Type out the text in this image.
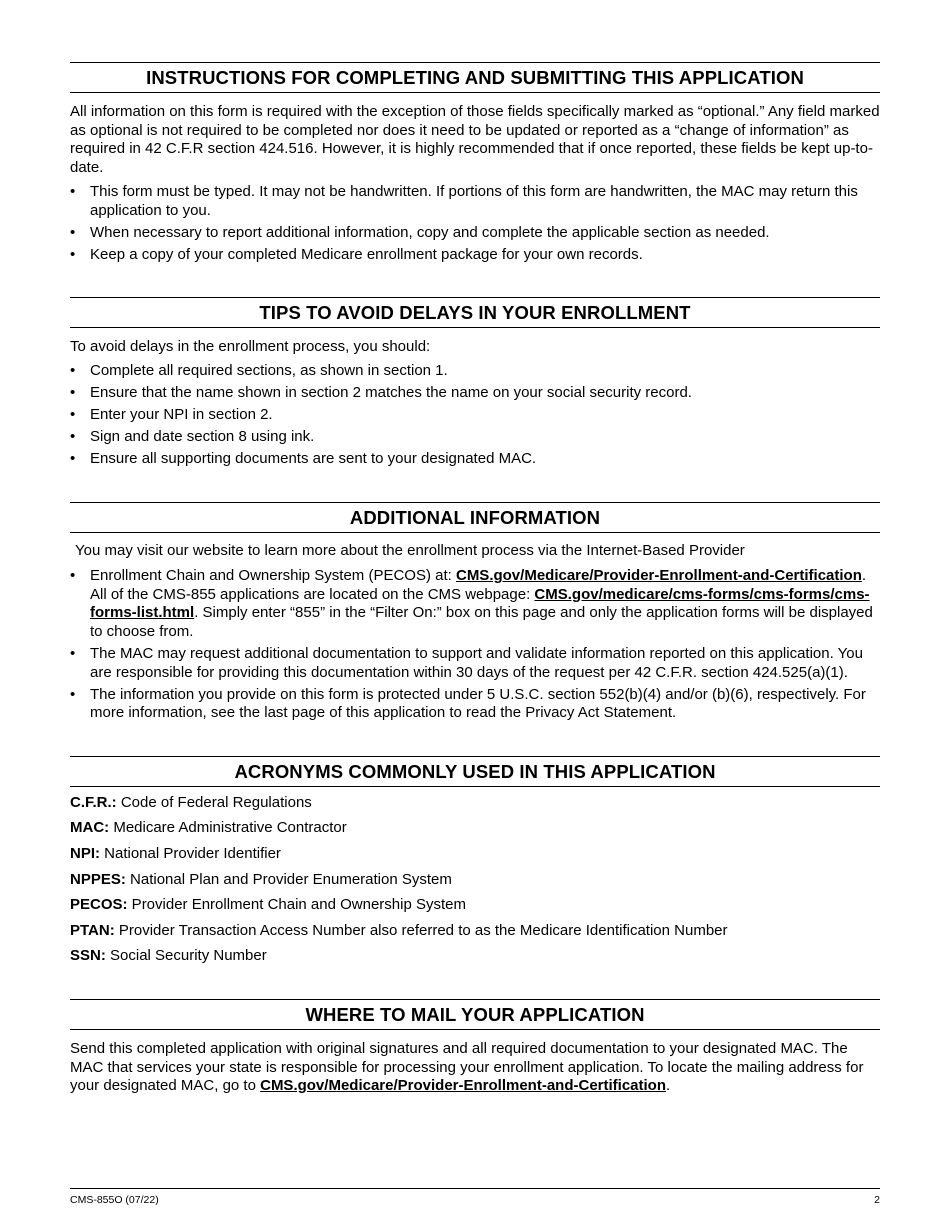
INSTRUCTIONS FOR COMPLETING AND SUBMITTING THIS APPLICATION

All information on this form is required with the exception of those fields specifically marked as “optional.” Any field marked as optional is not required to be completed nor does it need to be updated or reported as a “change of information” as required in 42 C.F.R section 424.516. However, it is highly recommended that if once reported, these fields be kept up-to-date.

• This form must be typed. It may not be handwritten. If portions of this form are handwritten, the MAC may return this application to you.
• When necessary to report additional information, copy and complete the applicable section as needed.
• Keep a copy of your completed Medicare enrollment package for your own records.
TIPS TO AVOID DELAYS IN YOUR ENROLLMENT

To avoid delays in the enrollment process, you should:

• Complete all required sections, as shown in section 1.
• Ensure that the name shown in section 2 matches the name on your social security record.
• Enter your NPI in section 2.
• Sign and date section 8 using ink.
• Ensure all supporting documents are sent to your designated MAC.
ADDITIONAL INFORMATION

You may visit our website to learn more about the enrollment process via the Internet-Based Provider

• Enrollment Chain and Ownership System (PECOS) at: CMS.gov/Medicare/Provider-Enrollment-and-Certification. All of the CMS-855 applications are located on the CMS webpage: CMS.gov/medicare/cms-forms/cms-forms/cms-forms-list.html. Simply enter “855” in the “Filter On:” box on this page and only the application forms will be displayed to choose from.
• The MAC may request additional documentation to support and validate information reported on this application. You are responsible for providing this documentation within 30 days of the request per 42 C.F.R. section 424.525(a)(1).
• The information you provide on this form is protected under 5 U.S.C. section 552(b)(4) and/or (b)(6), respectively. For more information, see the last page of this application to read the Privacy Act Statement.
ACRONYMS COMMONLY USED IN THIS APPLICATION

C.F.R.: Code of Federal Regulations

MAC: Medicare Administrative Contractor

NPI: National Provider Identifier

NPPES: National Plan and Provider Enumeration System

PECOS: Provider Enrollment Chain and Ownership System

PTAN: Provider Transaction Access Number also referred to as the Medicare Identification Number

SSN: Social Security Number

WHERE TO MAIL YOUR APPLICATION

Send this completed application with original signatures and all required documentation to your designated MAC. The MAC that services your state is responsible for processing your enrollment application. To locate the mailing address for your designated MAC, go to CMS.gov/Medicare/Provider-Enrollment-and-Certification.

CMS-855O (07/22)	2
